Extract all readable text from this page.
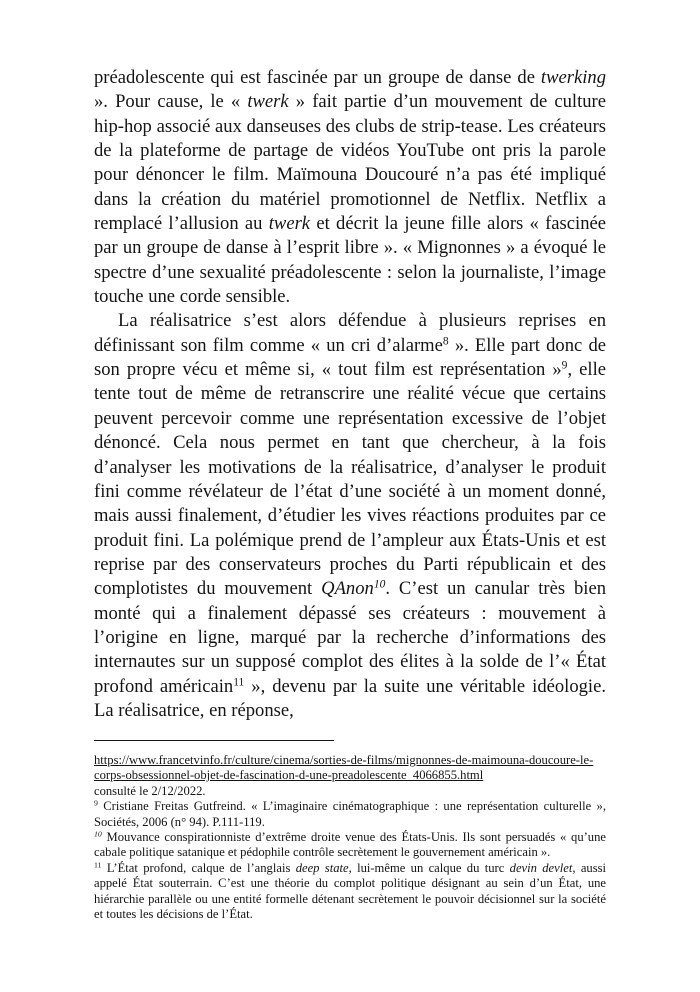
préadolescente qui est fascinée par un groupe de danse de twerking ». Pour cause, le « twerk » fait partie d’un mouvement de culture hip-hop associé aux danseuses des clubs de strip-tease. Les créateurs de la plateforme de partage de vidéos YouTube ont pris la parole pour dénoncer le film. Maïmouna Doucouré n’a pas été impliqué dans la création du matériel promotionnel de Netflix. Netflix a remplacé l’allusion au twerk et décrit la jeune fille alors « fascinée par un groupe de danse à l’esprit libre ». « Mignonnes » a évoqué le spectre d’une sexualité préadolescente : selon la journaliste, l’image touche une corde sensible.

La réalisatrice s’est alors défendue à plusieurs reprises en définissant son film comme « un cri d’alarme$^8$ ». Elle part donc de son propre vécu et même si, « tout film est représentation »$^9$, elle tente tout de même de retranscrire une réalité vécue que certains peuvent percevoir comme une représentation excessive de l’objet dénoncé. Cela nous permet en tant que chercheur, à la fois d’analyser les motivations de la réalisatrice, d’analyser le produit fini comme révélateur de l’état d’une société à un moment donné, mais aussi finalement, d’étudier les vives réactions produites par ce produit fini. La polémique prend de l’ampleur aux États-Unis et est reprise par des conservateurs proches du Parti républicain et des complotistes du mouvement QAnon$^{10}$. C’est un canular très bien monté qui a finalement dépassé ses créateurs : mouvement à l’origine en ligne, marqué par la recherche d’informations des internautes sur un supposé complot des élites à la solde de l’« État profond américain$^{11}$ », devenu par la suite une véritable idéologie. La réalisatrice, en réponse,

https://www.francetvinfo.fr/culture/cinema/sorties-de-films/mignonnes-de-maimouna-doucoure-le-corps-obsessionnel-objet-de-fascination-d-une-preadolescente_4066855.html

consulté le 2/12/2022.

$^9$ Cristiane Freitas Gutfreind. « L’imaginaire cinématographique : une représentation culturelle », Sociétés, 2006 (n° 94). P.111-119.

$^{10}$ Mouvance conspirationniste d’extrême droite venue des États-Unis. Ils sont persuadés « qu’une cabale politique satanique et pédophile contrôle secrètement le gouvernement américain ».

$^{11}$ L’État profond, calque de l’anglais deep state, lui-même un calque du turc devin devlet, aussi appelé État souterrain. C’est une théorie du complot politique désignant au sein d’un État, une hiérarchie parallèle ou une entité formelle détenant secrètement le pouvoir décisionnel sur la société et toutes les décisions de l’État.
